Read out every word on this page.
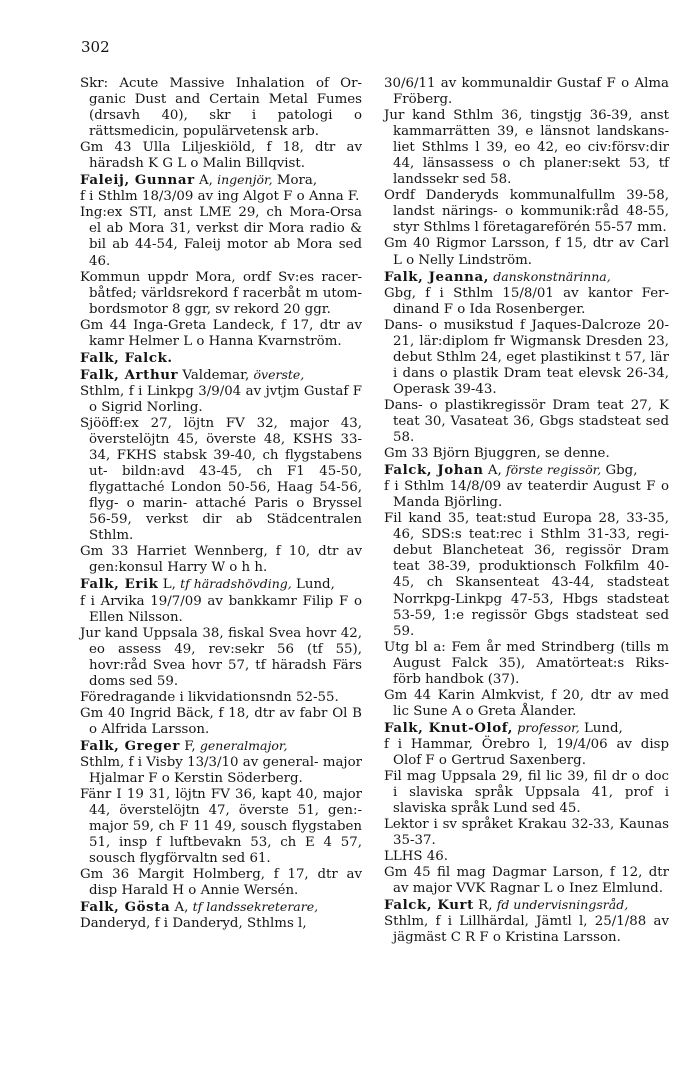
302

Skr: Acute Massive Inhalation of Or- ganic Dust and Certain Metal Fumes (drsavh 40), skr i patologi o rättsmedicin, populärvetensk arb.

Gm 43 Ulla Liljeskiöld, f 18, dtr av häradsh K G L o Malin Billqvist.

Faleij, Gunnar A, ingenjör, Mora,

f i Sthlm 18/3/09 av ing Algot F o Anna F.

Ing:ex STI, anst LME 29, ch Mora-Orsa el ab Mora 31, verkst dir Mora radio & bil ab 44-54, Faleij motor ab Mora sed 46.

Kommun uppdr Mora, ordf Sv:es racer- båtfed; världsrekord f racerbåt m utom- bordsmotor 8 ggr, sv rekord 20 ggr.

Gm 44 Inga-Greta Landeck, f 17, dtr av kamr Helmer L o Hanna Kvarnström.

Falk, Falck.

Falk, Arthur Valdemar, överste,

Sthlm, f i Linkpg 3/9/04 av jvtjm Gustaf F o Sigrid Norling.

Sjööff:ex 27, löjtn FV 32, major 43, överstelöjtn 45, överste 48, KSHS 33-34, FKHS stabsk 39-40, ch flygstabens ut- bildn:avd 43-45, ch F1 45-50, flygattaché London 50-56, Haag 54-56, flyg- o marin- attaché Paris o Bryssel 56-59, verkst dir ab Städcentralen Sthlm.

Gm 33 Harriet Wennberg, f 10, dtr av gen:konsul Harry W o h h.

Falk, Erik L, tf häradshövding, Lund,

f i Arvika 19/7/09 av bankkamr Filip F o Ellen Nilsson.

Jur kand Uppsala 38, fiskal Svea hovr 42, eo assess 49, rev:sekr 56 (tf 55), hovr:råd Svea hovr 57, tf häradsh Färs doms sed 59.

Föredragande i likvidationsndn 52-55.

Gm 40 Ingrid Bäck, f 18, dtr av fabr Ol B o Alfrida Larsson.

Falk, Greger F, generalmajor,

Sthlm, f i Visby 13/3/10 av general- major Hjalmar F o Kerstin Söderberg.

Fänr I 19 31, löjtn FV 36, kapt 40, major 44, överstelöjtn 47, överste 51, gen:- major 59, ch F 11 49, sousch flygstaben 51, insp f luftbevakn 53, ch E 4 57, sousch flygförvaltn sed 61.

Gm 36 Margit Holmberg, f 17, dtr av disp Harald H o Annie Wersén.

Falk, Gösta A, tf landssekreterare,

Danderyd, f i Danderyd, Sthlms l,

30/6/11 av kommunaldir Gustaf F o Alma Fröberg.

Jur kand Sthlm 36, tingstjg 36-39, anst kammarrätten 39, e länsnot landskans- liet Sthlms l 39, eo 42, eo civ:försv:dir 44, länsassess o ch planer:sekt 53, tf landssekr sed 58.

Ordf Danderyds kommunalfullm 39-58, landst närings- o kommunik:råd 48-55, styr Sthlms l företagareförén 55-57 mm.

Gm 40 Rigmor Larsson, f 15, dtr av Carl L o Nelly Lindström.

Falk, Jeanna, danskonstnärinna,

Gbg, f i Sthlm 15/8/01 av kantor Fer- dinand F o Ida Rosenberger.

Dans- o musikstud f Jaques-Dalcroze 20-21, lär:diplom fr Wigmansk Dresden 23, debut Sthlm 24, eget plastikinst t 57, lär i dans o plastik Dram teat elevsk 26-34, Operask 39-43.

Dans- o plastikregissör Dram teat 27, K teat 30, Vasateat 36, Gbgs stadsteat sed 58.

Gm 33 Björn Bjuggren, se denne.

Falck, Johan A, förste regissör, Gbg,

f i Sthlm 14/8/09 av teaterdir August F o Manda Björling.

Fil kand 35, teat:stud Europa 28, 33-35, 46, SDS:s teat:rec i Sthlm 31-33, regi- debut Blancheteat 36, regissör Dram teat 38-39, produktionsch Folkfilm 40- 45, ch Skansenteat 43-44, stadsteat Norrkpg-Linkpg 47-53, Hbgs stadsteat 53-59, 1:e regissör Gbgs stadsteat sed 59.

Utg bl a: Fem år med Strindberg (tills m August Falck 35), Amatörteat:s Riks- förb handbok (37).

Gm 44 Karin Almkvist, f 20, dtr av med lic Sune A o Greta Ålander.

Falk, Knut-Olof, professor, Lund,

f i Hammar, Örebro l, 19/4/06 av disp Olof F o Gertrud Saxenberg.

Fil mag Uppsala 29, fil lic 39, fil dr o doc i slaviska språk Uppsala 41, prof i slaviska språk Lund sed 45.

Lektor i sv språket Krakau 32-33, Kaunas 35-37.

LLHS 46.

Gm 45 fil mag Dagmar Larson, f 12, dtr av major VVK Ragnar L o Inez Elmlund.

Falck, Kurt R, fd undervisningsråd,

Sthlm, f i Lillhärdal, Jämtl l, 25/1/88 av jägmäst C R F o Kristina Larsson.
